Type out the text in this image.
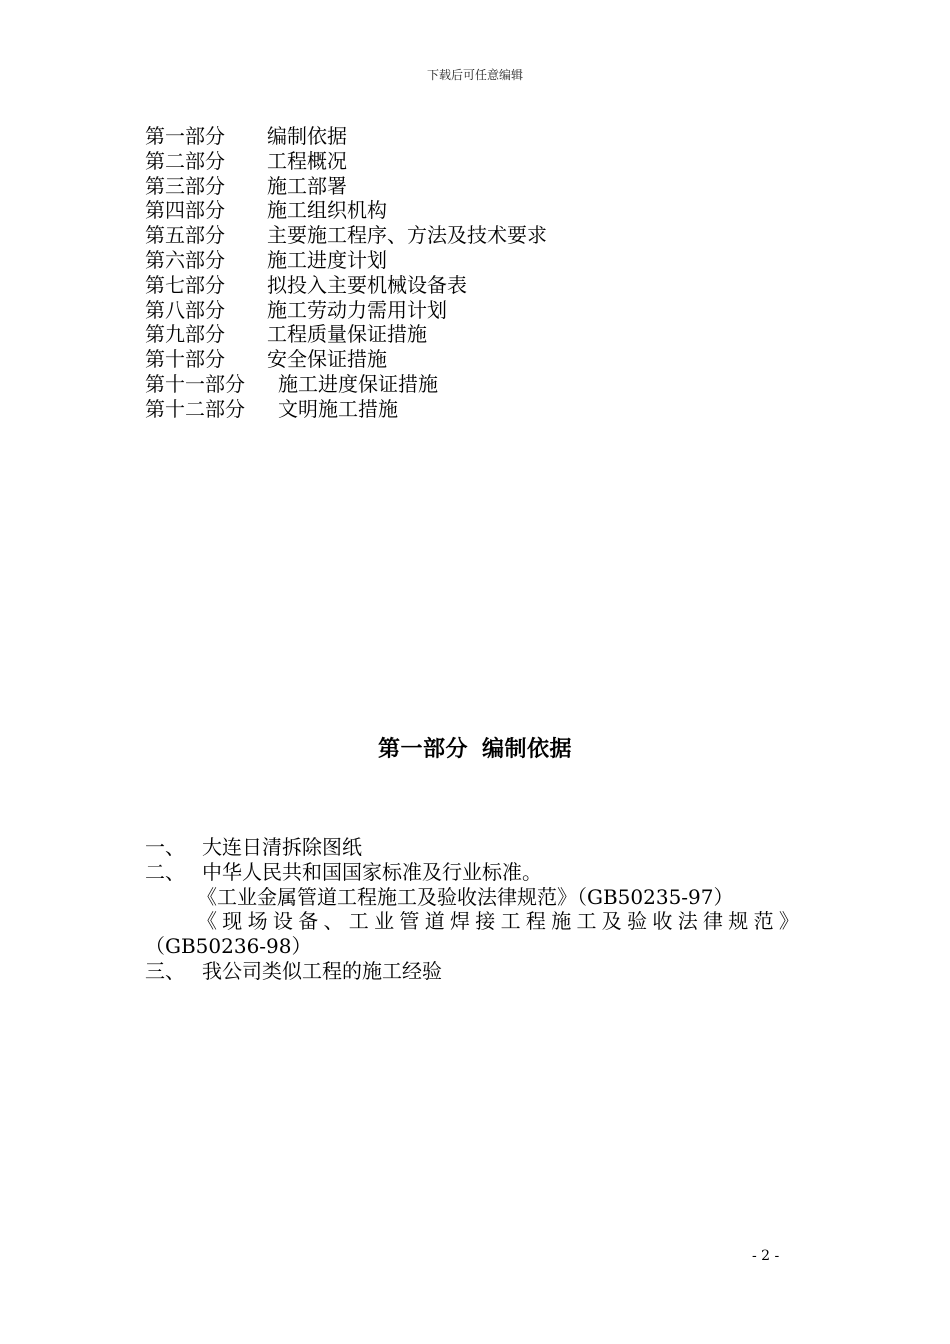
下载后可任意编辑
第一部分 编制依据
第二部分 工程概况
第三部分 施工部署
第四部分 施工组织机构
第五部分 主要施工程序、方法及技术要求
第六部分 施工进度计划
第七部分 拟投入主要机械设备表
第八部分 施工劳动力需用计划
第九部分 工程质量保证措施
第十部分 安全保证措施
第十一部分 施工进度保证措施
第十二部分 文明施工措施
第一部分 编制依据
一、 大连日清拆除图纸
二、 中华人民共和国国家标准及行业标准。
《工业金属管道工程施工及验收法律规范》（GB50235-97）
《现场设备、工业管道焊接工程施工及验收法律规范》
（GB50236-98）
三、 我公司类似工程的施工经验
- 2 -
